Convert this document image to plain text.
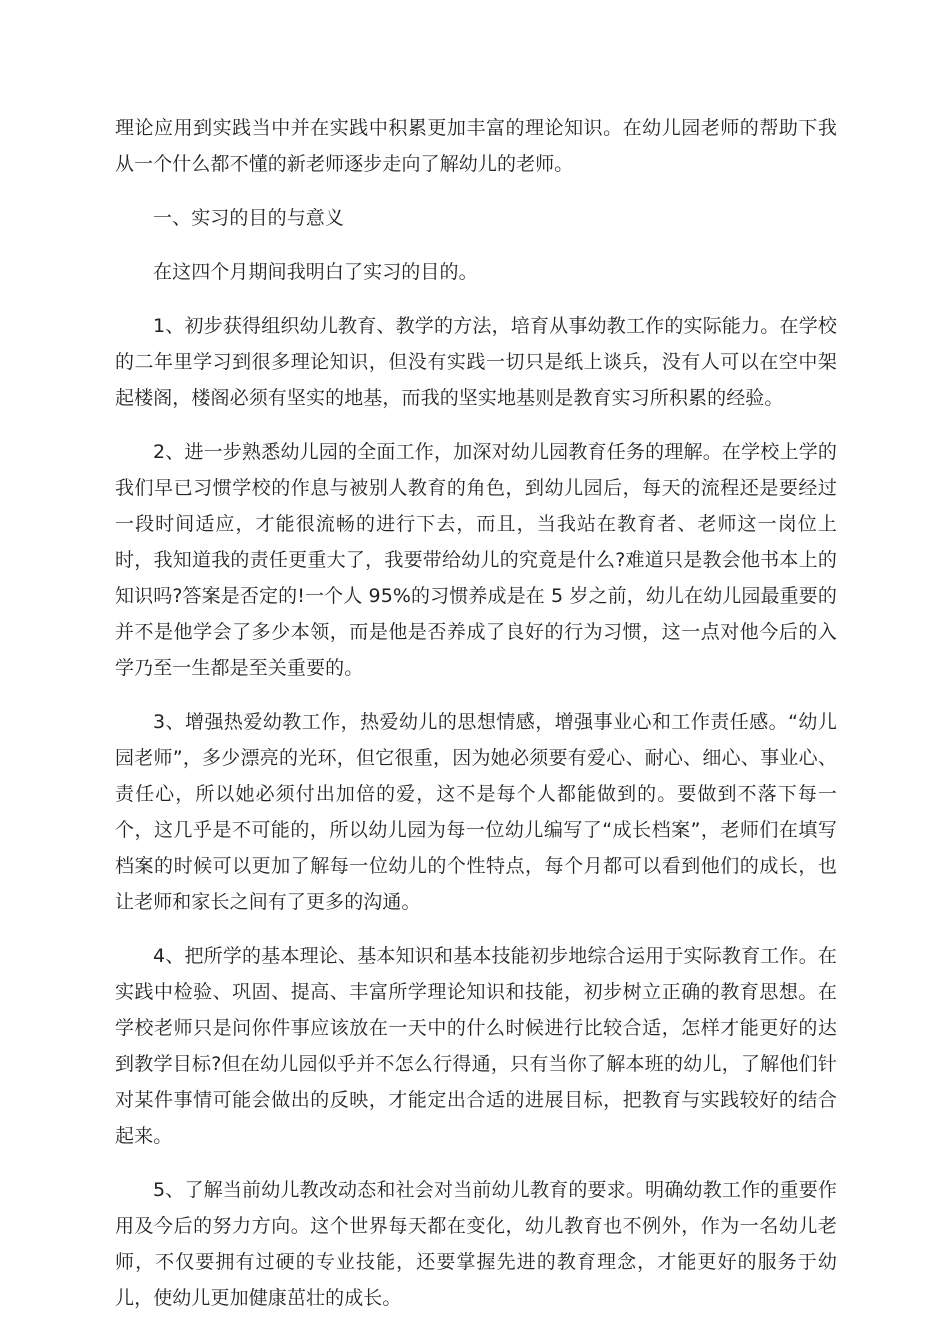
理论应用到实践当中并在实践中积累更加丰富的理论知识。在幼儿园老师的帮助下我从一个什么都不懂的新老师逐步走向了解幼儿的老师。

一、实习的目的与意义

在这四个月期间我明白了实习的目的。

1、初步获得组织幼儿教育、教学的方法，培育从事幼教工作的实际能力。在学校的二年里学习到很多理论知识，但没有实践一切只是纸上谈兵，没有人可以在空中架起楼阁，楼阁必须有坚实的地基，而我的坚实地基则是教育实习所积累的经验。

2、进一步熟悉幼儿园的全面工作，加深对幼儿园教育任务的理解。在学校上学的我们早已习惯学校的作息与被别人教育的角色，到幼儿园后，每天的流程还是要经过一段时间适应，才能很流畅的进行下去，而且，当我站在教育者、老师这一岗位上时，我知道我的责任更重大了，我要带给幼儿的究竟是什么?难道只是教会他书本上的知识吗?答案是否定的!一个人 95%的习惯养成是在 5 岁之前，幼儿在幼儿园最重要的并不是他学会了多少本领，而是他是否养成了良好的行为习惯，这一点对他今后的入学乃至一生都是至关重要的。

3、增强热爱幼教工作，热爱幼儿的思想情感，增强事业心和工作责任感。“幼儿园老师”，多少漂亮的光环，但它很重，因为她必须要有爱心、耐心、细心、事业心、责任心，所以她必须付出加倍的爱，这不是每个人都能做到的。要做到不落下每一个，这几乎是不可能的，所以幼儿园为每一位幼儿编写了“成长档案”，老师们在填写档案的时候可以更加了解每一位幼儿的个性特点，每个月都可以看到他们的成长，也让老师和家长之间有了更多的沟通。

4、把所学的基本理论、基本知识和基本技能初步地综合运用于实际教育工作。在实践中检验、巩固、提高、丰富所学理论知识和技能，初步树立正确的教育思想。在学校老师只是问你件事应该放在一天中的什么时候进行比较合适，怎样才能更好的达到教学目标?但在幼儿园似乎并不怎么行得通，只有当你了解本班的幼儿，了解他们针对某件事情可能会做出的反映，才能定出合适的进展目标，把教育与实践较好的结合起来。

5、了解当前幼儿教改动态和社会对当前幼儿教育的要求。明确幼教工作的重要作用及今后的努力方向。这个世界每天都在变化，幼儿教育也不例外，作为一名幼儿老师，不仅要拥有过硬的专业技能，还要掌握先进的教育理念，才能更好的服务于幼儿，使幼儿更加健康茁壮的成长。
